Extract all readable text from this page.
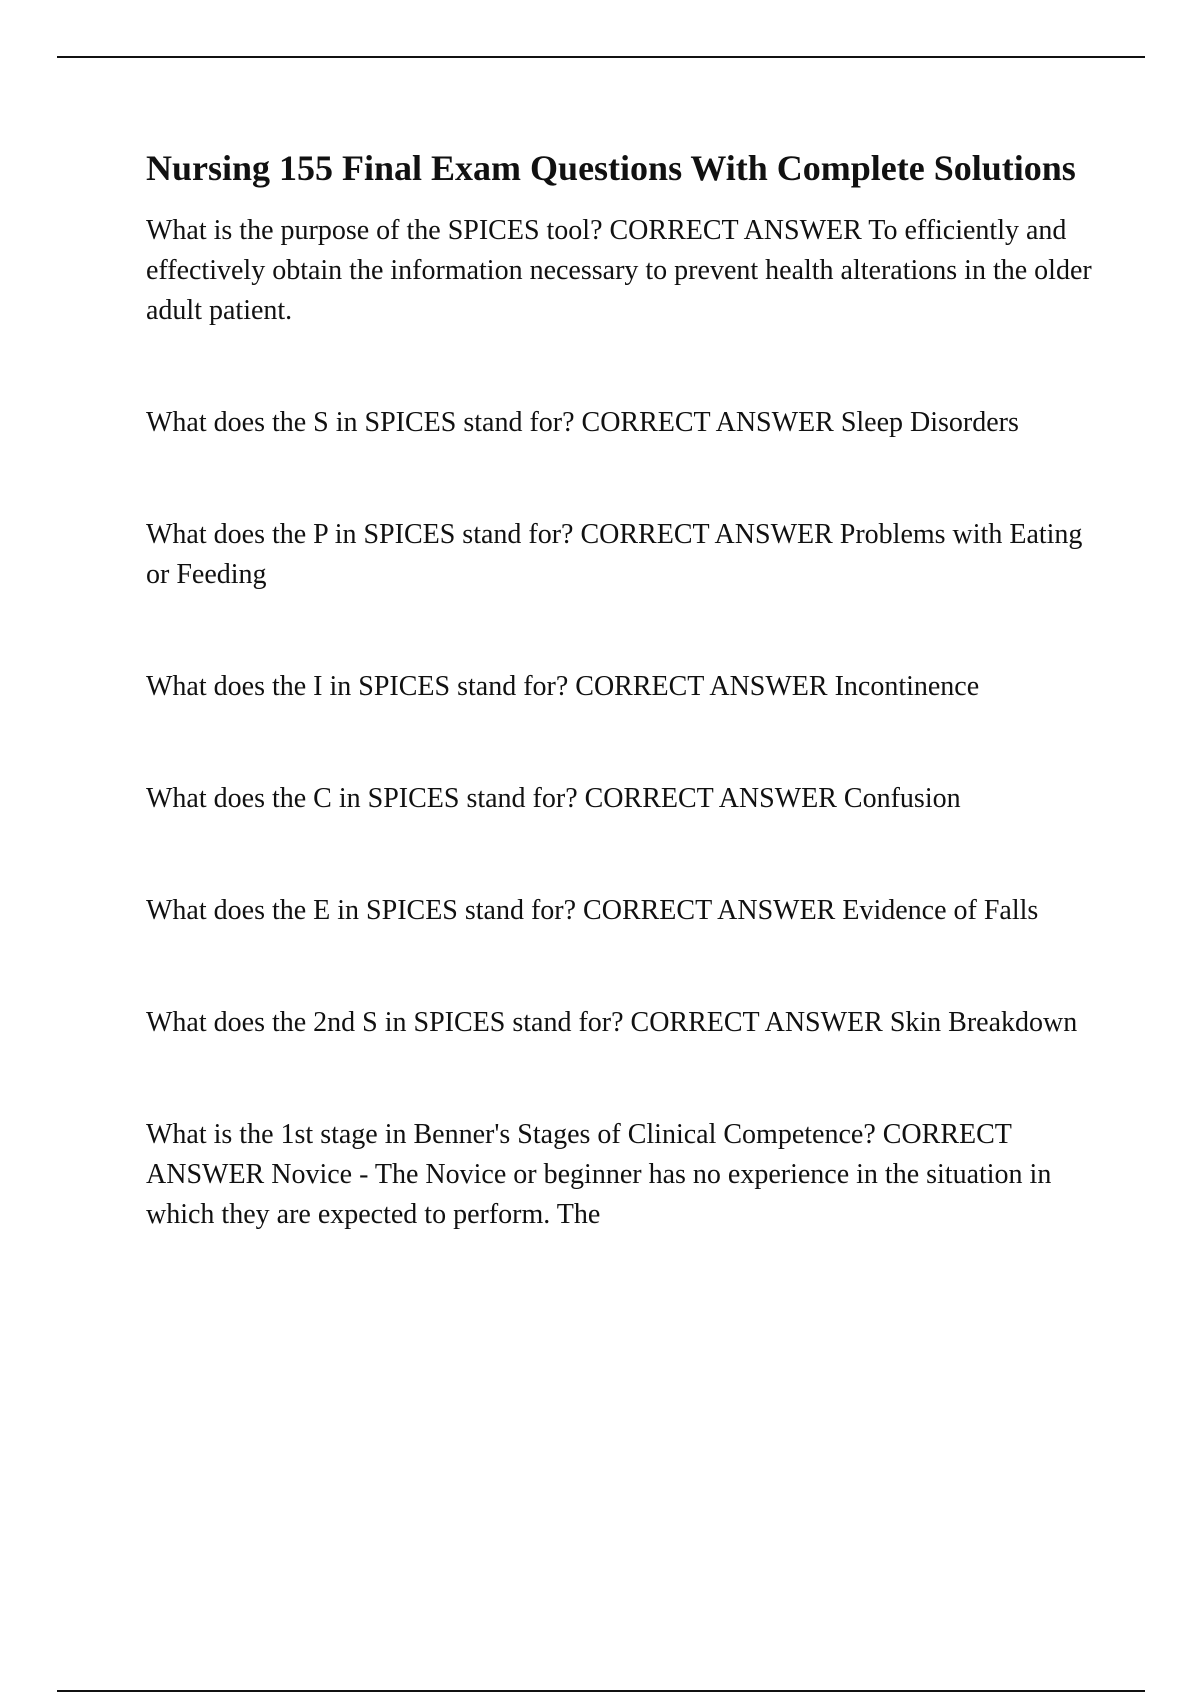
Nursing 155 Final Exam Questions With Complete Solutions

What is the purpose of the SPICES tool? CORRECT ANSWER To efficiently and effectively obtain the information necessary to prevent health alterations in the older adult patient.

What does the S in SPICES stand for? CORRECT ANSWER Sleep Disorders

What does the P in SPICES stand for? CORRECT ANSWER Problems with Eating or Feeding

What does the I in SPICES stand for? CORRECT ANSWER Incontinence

What does the C in SPICES stand for? CORRECT ANSWER Confusion

What does the E in SPICES stand for? CORRECT ANSWER Evidence of Falls

What does the 2nd S in SPICES stand for? CORRECT ANSWER Skin Breakdown

What is the 1st stage in Benner's Stages of Clinical Competence? CORRECT ANSWER Novice - The Novice or beginner has no experience in the situation in which they are expected to perform. The
